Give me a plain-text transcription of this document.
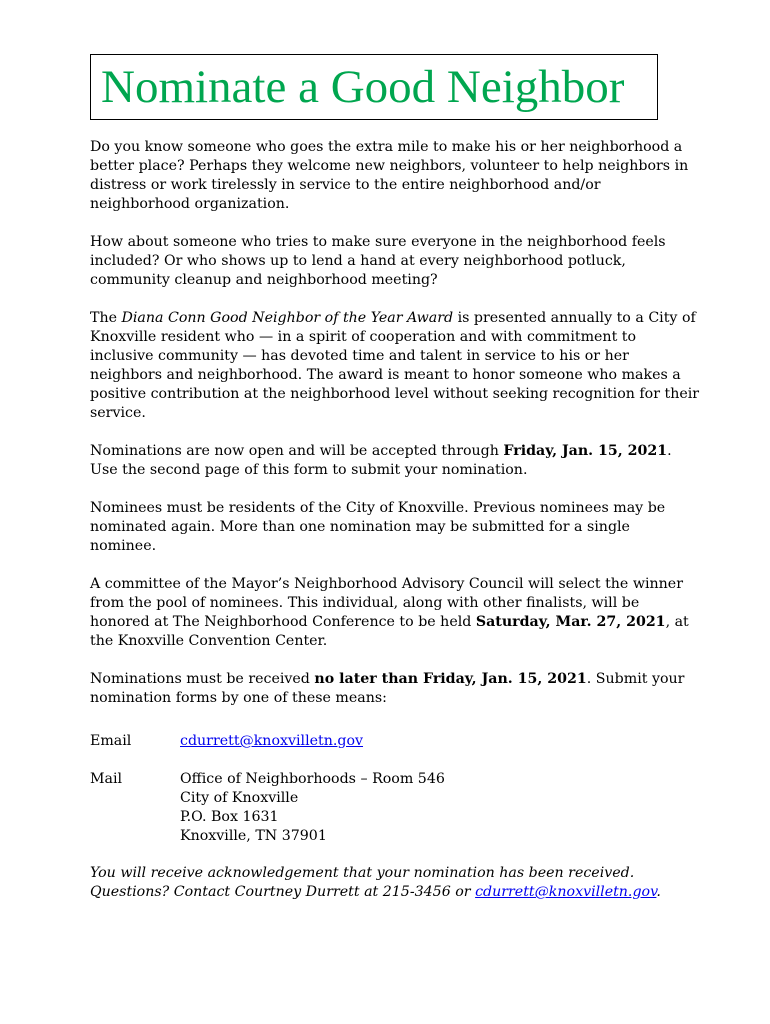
Nominate a Good Neighbor

Do you know someone who goes the extra mile to make his or her neighborhood a better place? Perhaps they welcome new neighbors, volunteer to help neighbors in distress or work tirelessly in service to the entire neighborhood and/or neighborhood organization.

How about someone who tries to make sure everyone in the neighborhood feels included? Or who shows up to lend a hand at every neighborhood potluck, community cleanup and neighborhood meeting?

The Diana Conn Good Neighbor of the Year Award is presented annually to a City of Knoxville resident who — in a spirit of cooperation and with commitment to inclusive community — has devoted time and talent in service to his or her neighbors and neighborhood. The award is meant to honor someone who makes a positive contribution at the neighborhood level without seeking recognition for their service.

Nominations are now open and will be accepted through Friday, Jan. 15, 2021. Use the second page of this form to submit your nomination.

Nominees must be residents of the City of Knoxville. Previous nominees may be nominated again. More than one nomination may be submitted for a single nominee.

A committee of the Mayor’s Neighborhood Advisory Council will select the winner from the pool of nominees. This individual, along with other finalists, will be honored at The Neighborhood Conference to be held Saturday, Mar. 27, 2021, at the Knoxville Convention Center.

Nominations must be received no later than Friday, Jan. 15, 2021. Submit your nomination forms by one of these means:

Email	cdurrett@knoxvilletn.gov
Mail	Office of Neighborhoods – Room 546
City of Knoxville
P.O. Box 1631
Knoxville, TN 37901
You will receive acknowledgement that your nomination has been received.
Questions? Contact Courtney Durrett at 215-3456 or cdurrett@knoxvilletn.gov.
